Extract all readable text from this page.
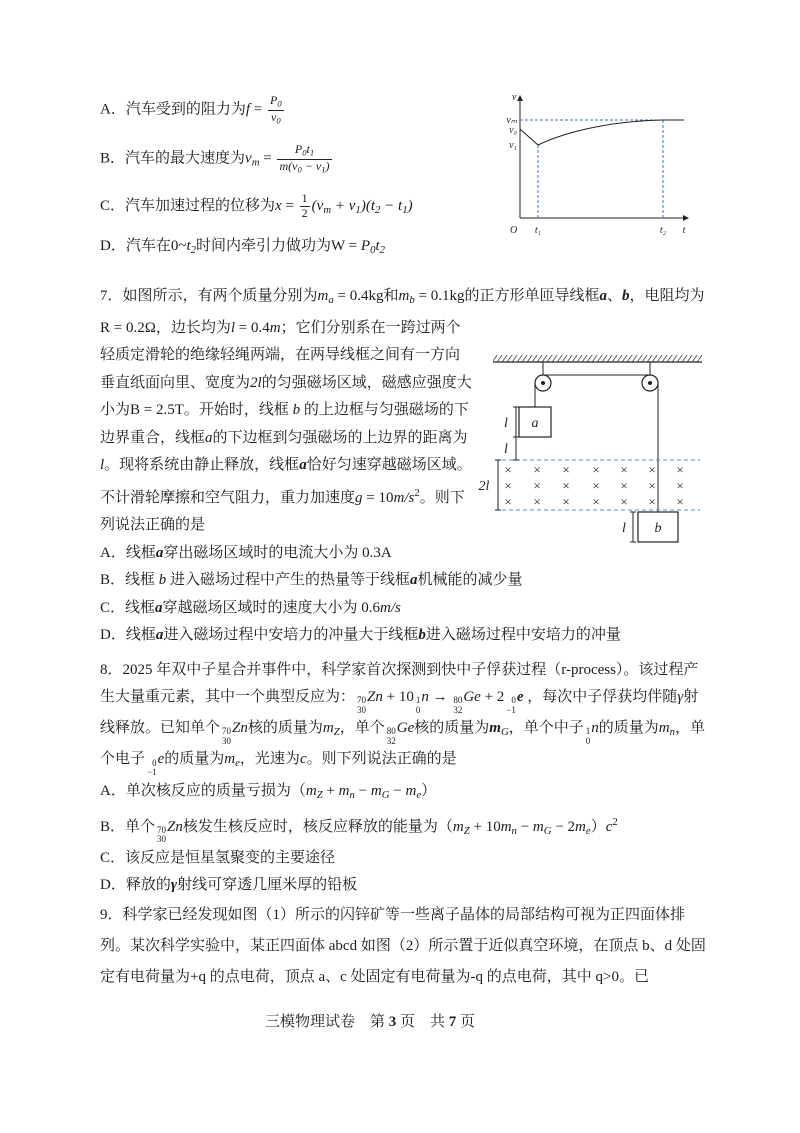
A．汽车受到的阻力为$f = \frac{P_0}{v_0}$
B．汽车的最大速度为$v_m = \frac{P_0t_1}{m(v_0 - v_1)}$
C．汽车加速过程的位移为$x = \frac{1}{2} (v_m + v_1)(t_2 - t_1)$
D．汽车在$0\sim t_2$时间内牵引力做功为$W = P_0t_2$
v
vₘ
v₀
v₁
O t₁	t₂ t
a
b
× × × × × × ×
× × × × × × ×
× × × × × × ×
l
l
2l
l
7．如图所示，有两个质量分别为$m_a = 0.4kg$和$m_b = 0.1kg$的正方形单匝导线框a、b，电阻均为R = 0.2Ω，边长均为l = 0.4m；它们分别系在一跨过两个轻质定滑轮的绝缘轻绳两端，在两导线框之间有一方向垂直纸面向里、宽度为2l的匀强磁场区域，磁感应强度大小为B = 2.5T。开始时，线框 b 的上边框与匀强磁场的下边界重合，线框a的下边框到匀强磁场的上边界的距离为l。现将系统由静止释放，线框a恰好匀速穿越磁场区域。不计滑轮摩擦和空气阻力，重力加速度$g = 10m/s^2$。则下列说法正确的是
A．线框a穿出磁场区域时的电流大小为 0.3A
B．线框 b 进入磁场过程中产生的热量等于线框a机械能的减少量
C．线框a穿越磁场区域时的速度大小为 0.6m/s
D．线框a进入磁场过程中安培力的冲量大于线框b进入磁场过程中安培力的冲量
8．2025 年双中子星合并事件中，科学家首次探测到快中子俘获过程（r-process）。该过程产生大量重元素，其中一个典型反应为： 70
30
Zn + 10 1
0
n → 80
32
Ge + 2 0
−1
e ，每次中子俘获均伴随γ射线释放。已知单个 70
30
Zn核的质量为$m_Z$，单个 80
32
Ge核的质量为$m_G$，单个中子 1
0
n的质量为$m_n$，单个电子 0
−1
e的质量为$m_e$，光速为c。则下列说法正确的是
A．单次核反应的质量亏损为$(m_Z + m_n - m_G - m_e)$
B．单个 70
30
Zn核发生核反应时，核反应释放的能量为$(m_Z + 10m_n - m_G - 2m_e)c^2$
C．该反应是恒星氢聚变的主要途径
D．释放的γ射线可穿透几厘米厚的铅板
9．科学家已经发现如图（1）所示的闪锌矿等一些离子晶体的局部结构可视为正四面体排列。某次科学实验中，某正四面体 abcd 如图（2）所示置于近似真空环境，在顶点 b、d 处固定有电荷量为+q 的点电荷，顶点 a、c 处固定有电荷量为-q 的点电荷，其中 q>0。已
三模物理试卷　第 3 页　共 7 页
